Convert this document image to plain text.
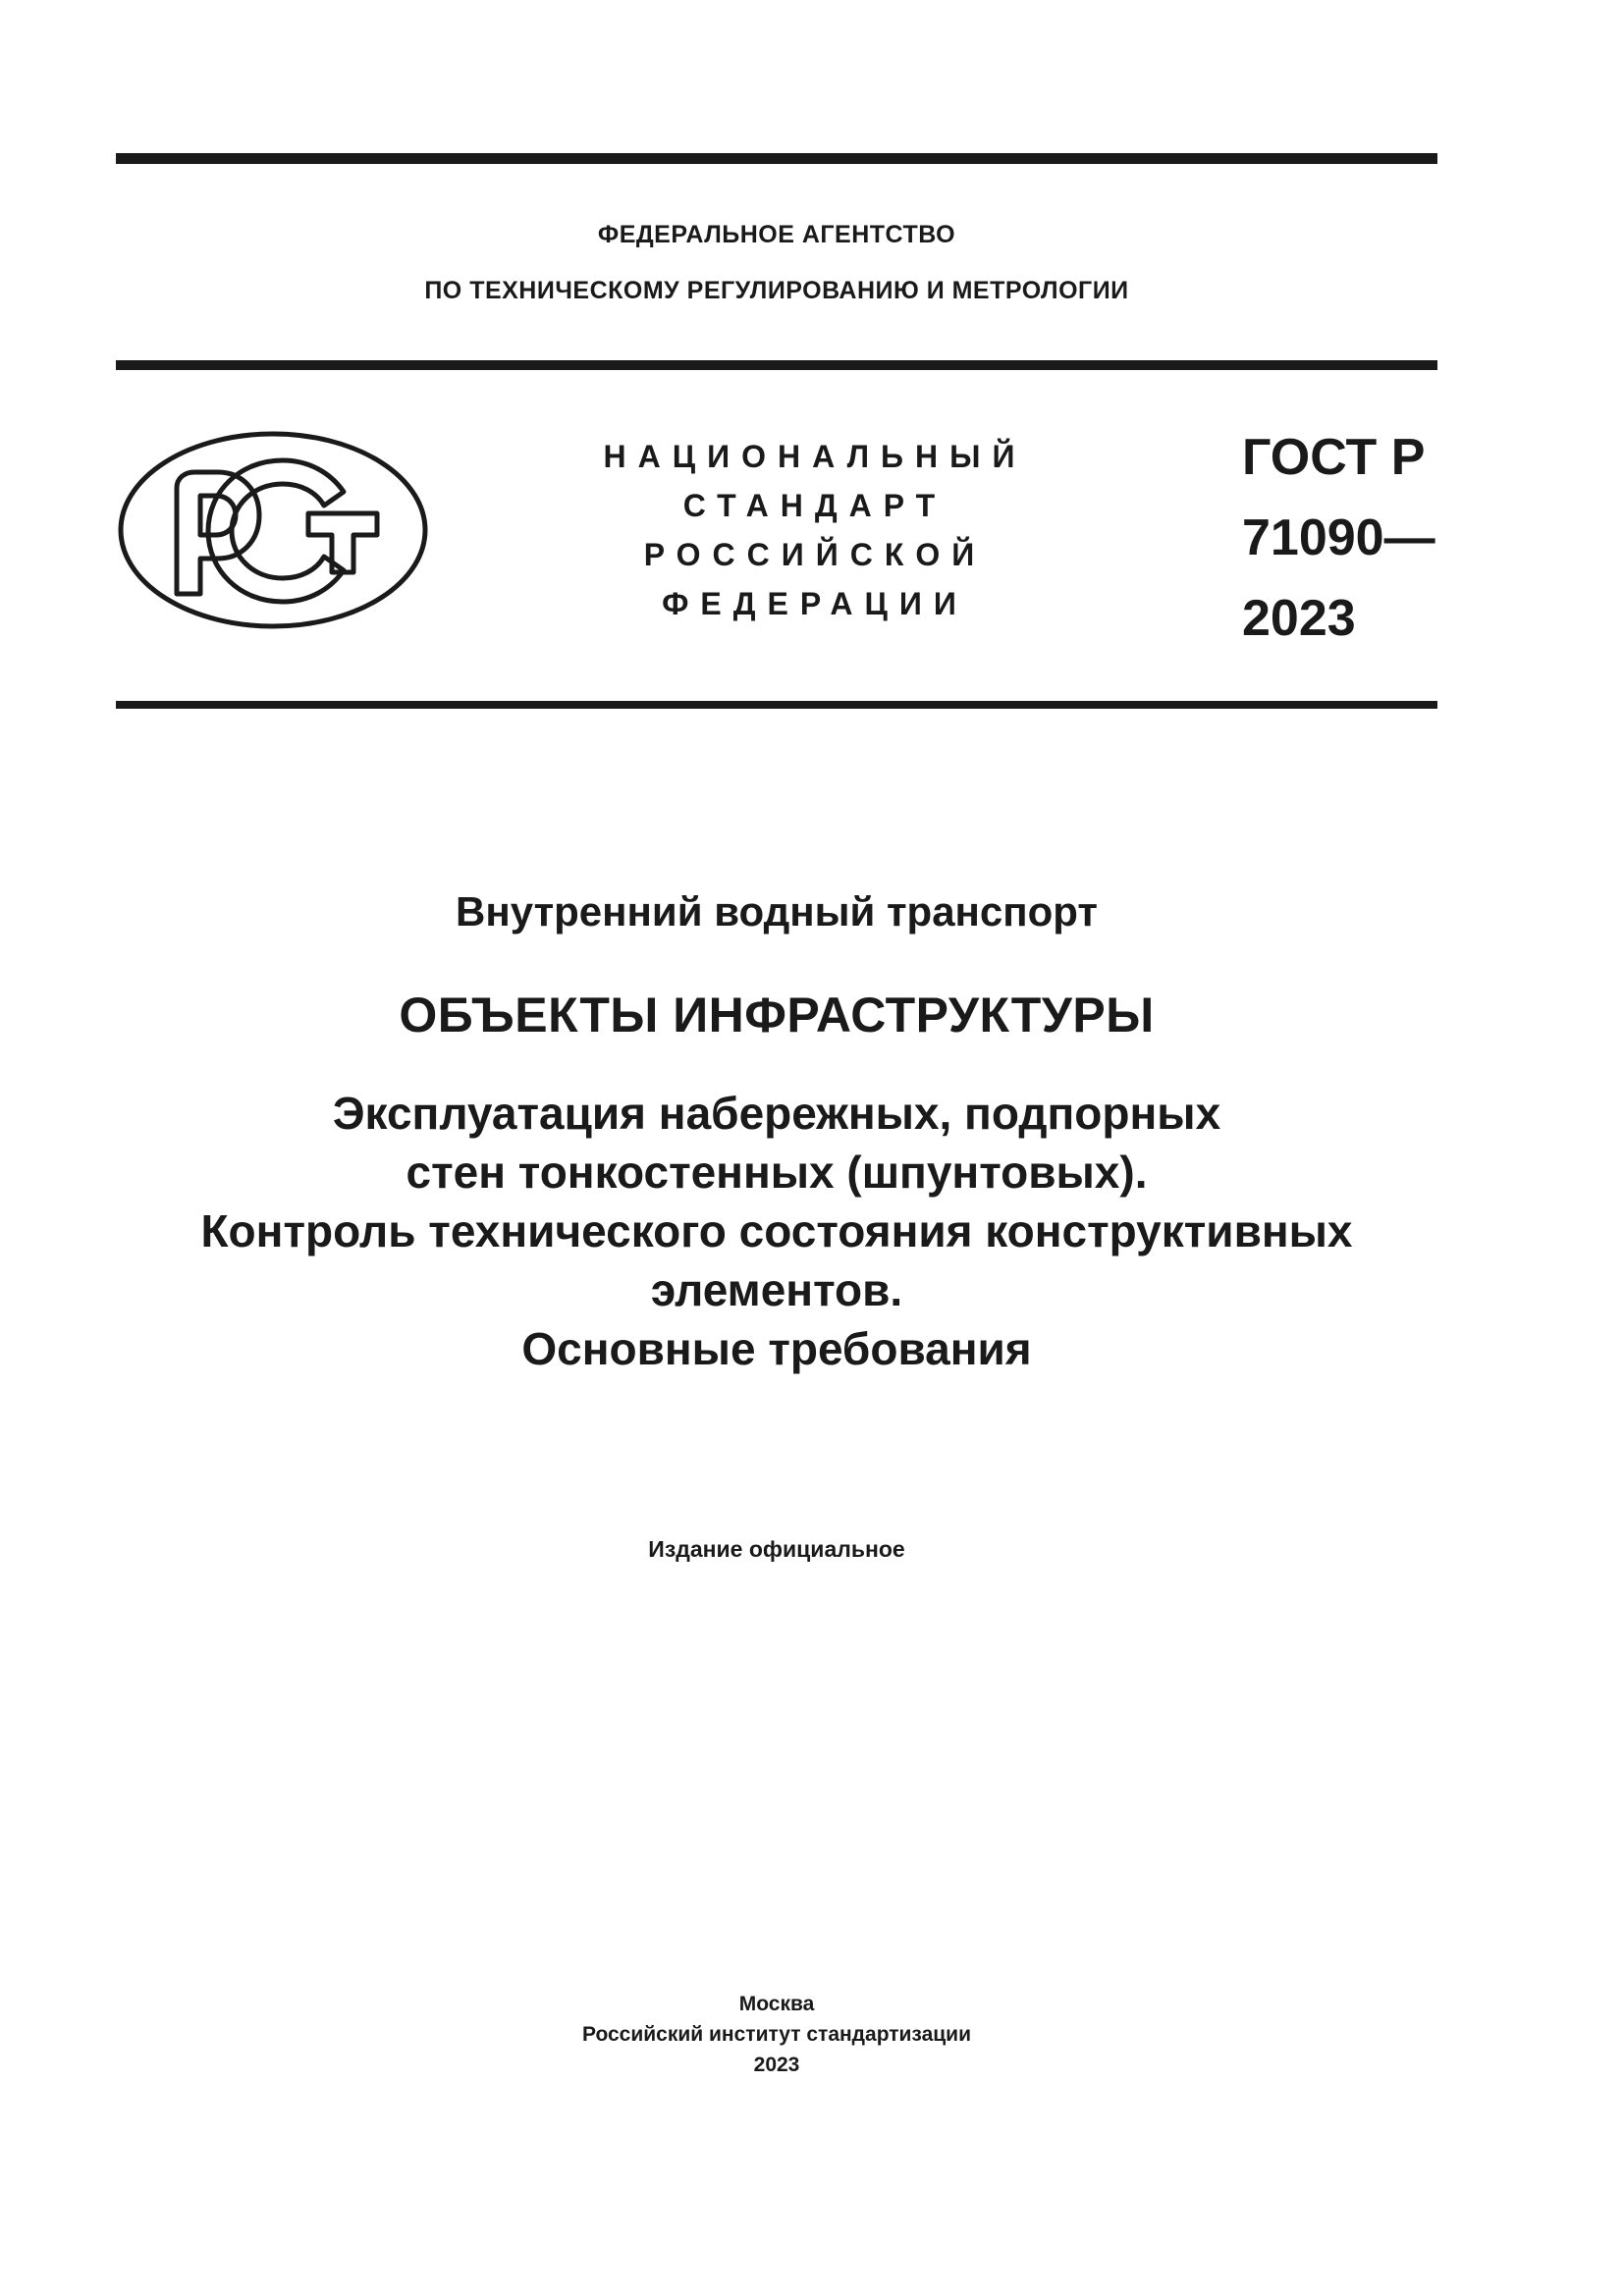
ФЕДЕРАЛЬНОЕ АГЕНТСТВО

ПО ТЕХНИЧЕСКОМУ РЕГУЛИРОВАНИЮ И МЕТРОЛОГИИ

НАЦИОНАЛЬНЫЙ
СТАНДАРТ
РОССИЙСКОЙ
ФЕДЕРАЦИИ
ГОСТ Р
71090—
2023

Внутренний водный транспорт

ОБЪЕКТЫ ИНФРАСТРУКТУРЫ

Эксплуатация набережных, подпорных
стен тонкостенных (шпунтовых).
Контроль технического состояния конструктивных
элементов.
Основные требования

Издание официальное

Москва
Российский институт стандартизации
2023
